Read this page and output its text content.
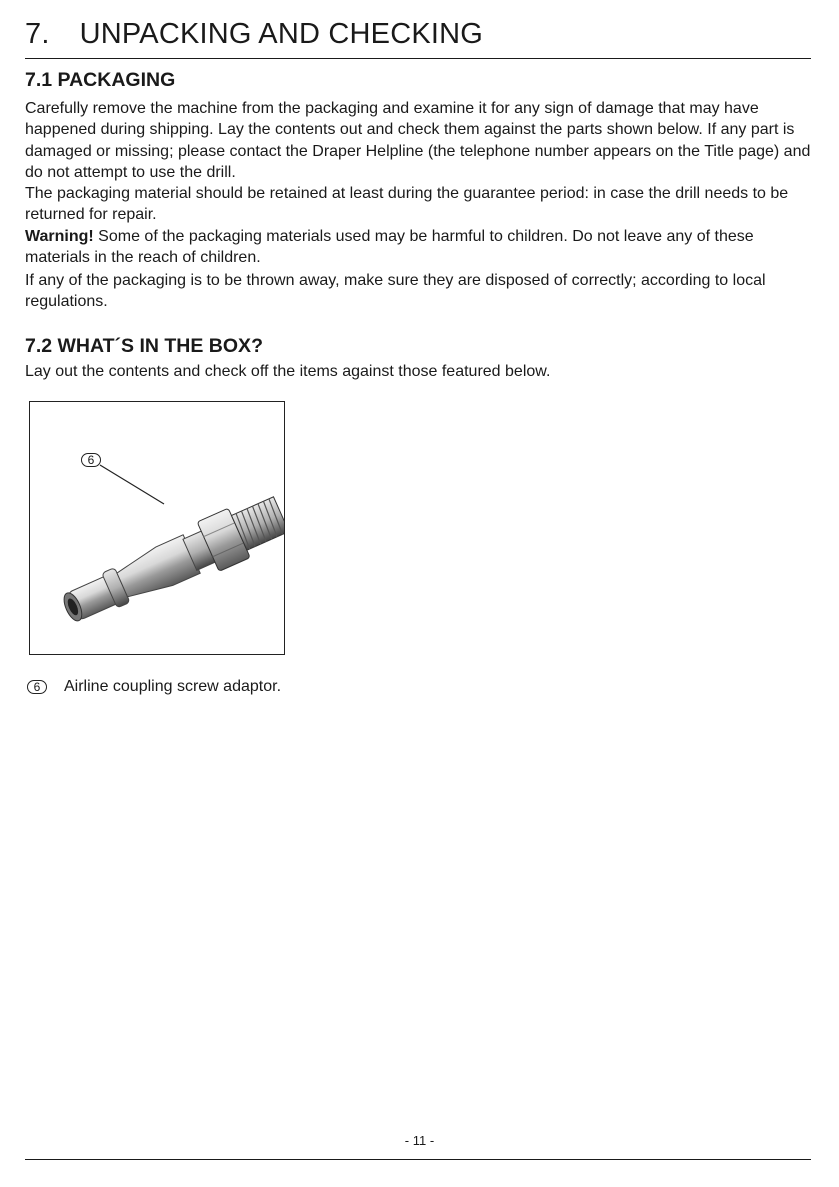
7. UNPACKING AND CHECKING
7.1 PACKAGING

Carefully remove the machine from the packaging and examine it for any sign of damage that may have happened during shipping. Lay the contents out and check them against the parts shown below. If any part is damaged or missing; please contact the Draper Helpline (the telephone number appears on the Title page) and do not attempt to use the drill.

The packaging material should be retained at least during the guarantee period: in case the drill needs to be returned for repair.

Warning! Some of the packaging materials used may be harmful to children. Do not leave any of these materials in the reach of children.

If any of the packaging is to be thrown away, make sure they are disposed of correctly; according to local regulations.

7.2 WHAT´S IN THE BOX?

Lay out the contents and check off the items against those featured below.

6
6	Airline coupling screw adaptor.
- 11 -
